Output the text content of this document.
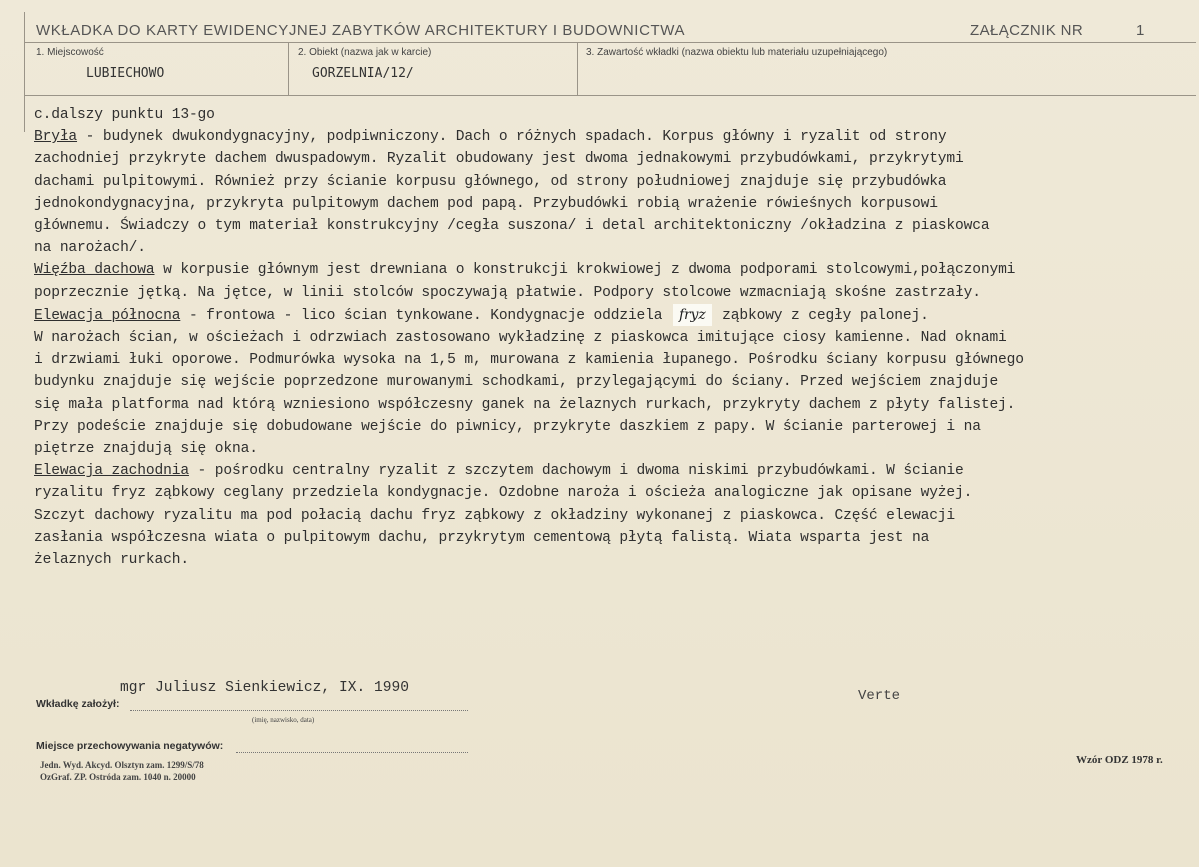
WKŁADKA DO KARTY EWIDENCYJNEJ ZABYTKÓW ARCHITEKTURY I BUDOWNICTWA	ZAŁĄCZNIK NR	1
1. Miejscowość
LUBIECHOWO
2. Obiekt (nazwa jak w karcie)
GORZELNIA/12/
3. Zawartość wkładki (nazwa obiektu lub materiału uzupełniającego)
c.dalszy punktu 13-go
Bryła - budynek dwukondygnacyjny, podpiwniczony. Dach o różnych spadach. Korpus główny i ryzalit od strony
zachodniej przykryte dachem dwuspadowym. Ryzalit obudowany jest dwoma jednakowymi przybudówkami, przykrytymi
dachami pulpitowymi. Również przy ścianie korpusu głównego, od strony południowej znajduje się przybudówka
jednokondygnacyjna, przykryta pulpitowym dachem pod papą. Przybudówki robią wrażenie rówieśnych korpusowi
głównemu. Świadczy o tym materiał konstrukcyjny /cegła suszona/ i detal architektoniczny /okładzina z piaskowca
na narożach/.
Więźba dachowa w korpusie głównym jest drewniana o konstrukcji krokwiowej z dwoma podporami stolcowymi,połączonymi
poprzecznie jętką. Na jętce, w linii stolców spoczywają płatwie. Podpory stolcowe wzmacniają skośne zastrzały.
Elewacja północna - frontowa - lico ścian tynkowane. Kondygnacje oddziela fryz ząbkowy z cegły palonej.
W narożach ścian, w ościeżach i odrzwiach zastosowano wykładzinę z piaskowca imitujące ciosy kamienne. Nad oknami
i drzwiami łuki oporowe. Podmurówka wysoka na 1,5 m, murowana z kamienia łupanego. Pośrodku ściany korpusu głównego
budynku znajduje się wejście poprzedzone murowanymi schodkami, przylegającymi do ściany. Przed wejściem znajduje
się mała platforma nad którą wzniesiono współczesny ganek na żelaznych rurkach, przykryty dachem z płyty falistej.
Przy podeście znajduje się dobudowane wejście do piwnicy, przykryte daszkiem z papy. W ścianie parterowej i na
piętrze znajdują się okna.
Elewacja zachodnia - pośrodku centralny ryzalit z szczytem dachowym i dwoma niskimi przybudówkami. W ścianie
ryzalitu fryz ząbkowy ceglany przedziela kondygnacje. Ozdobne naroża i ościeża analogiczne jak opisane wyżej.
Szczyt dachowy ryzalitu ma pod połacią dachu fryz ząbkowy z okładziny wykonanej z piaskowca. Część elewacji
zasłania współczesna wiata o pulpitowym dachu, przykrytym cementową płytą falistą. Wiata wsparta jest na
żelaznych rurkach.
mgr Juliusz Sienkiewicz, IX. 1990	Verte
Wkładkę założył:
(imię, nazwisko, data)
Miejsce przechowywania negatywów:
Jedn. Wyd. Akcyd. Olsztyn zam. 1299/S/78
OzGraf. ZP. Ostróda zam. 1040 n. 20000
Wzór ODZ 1978 r.
